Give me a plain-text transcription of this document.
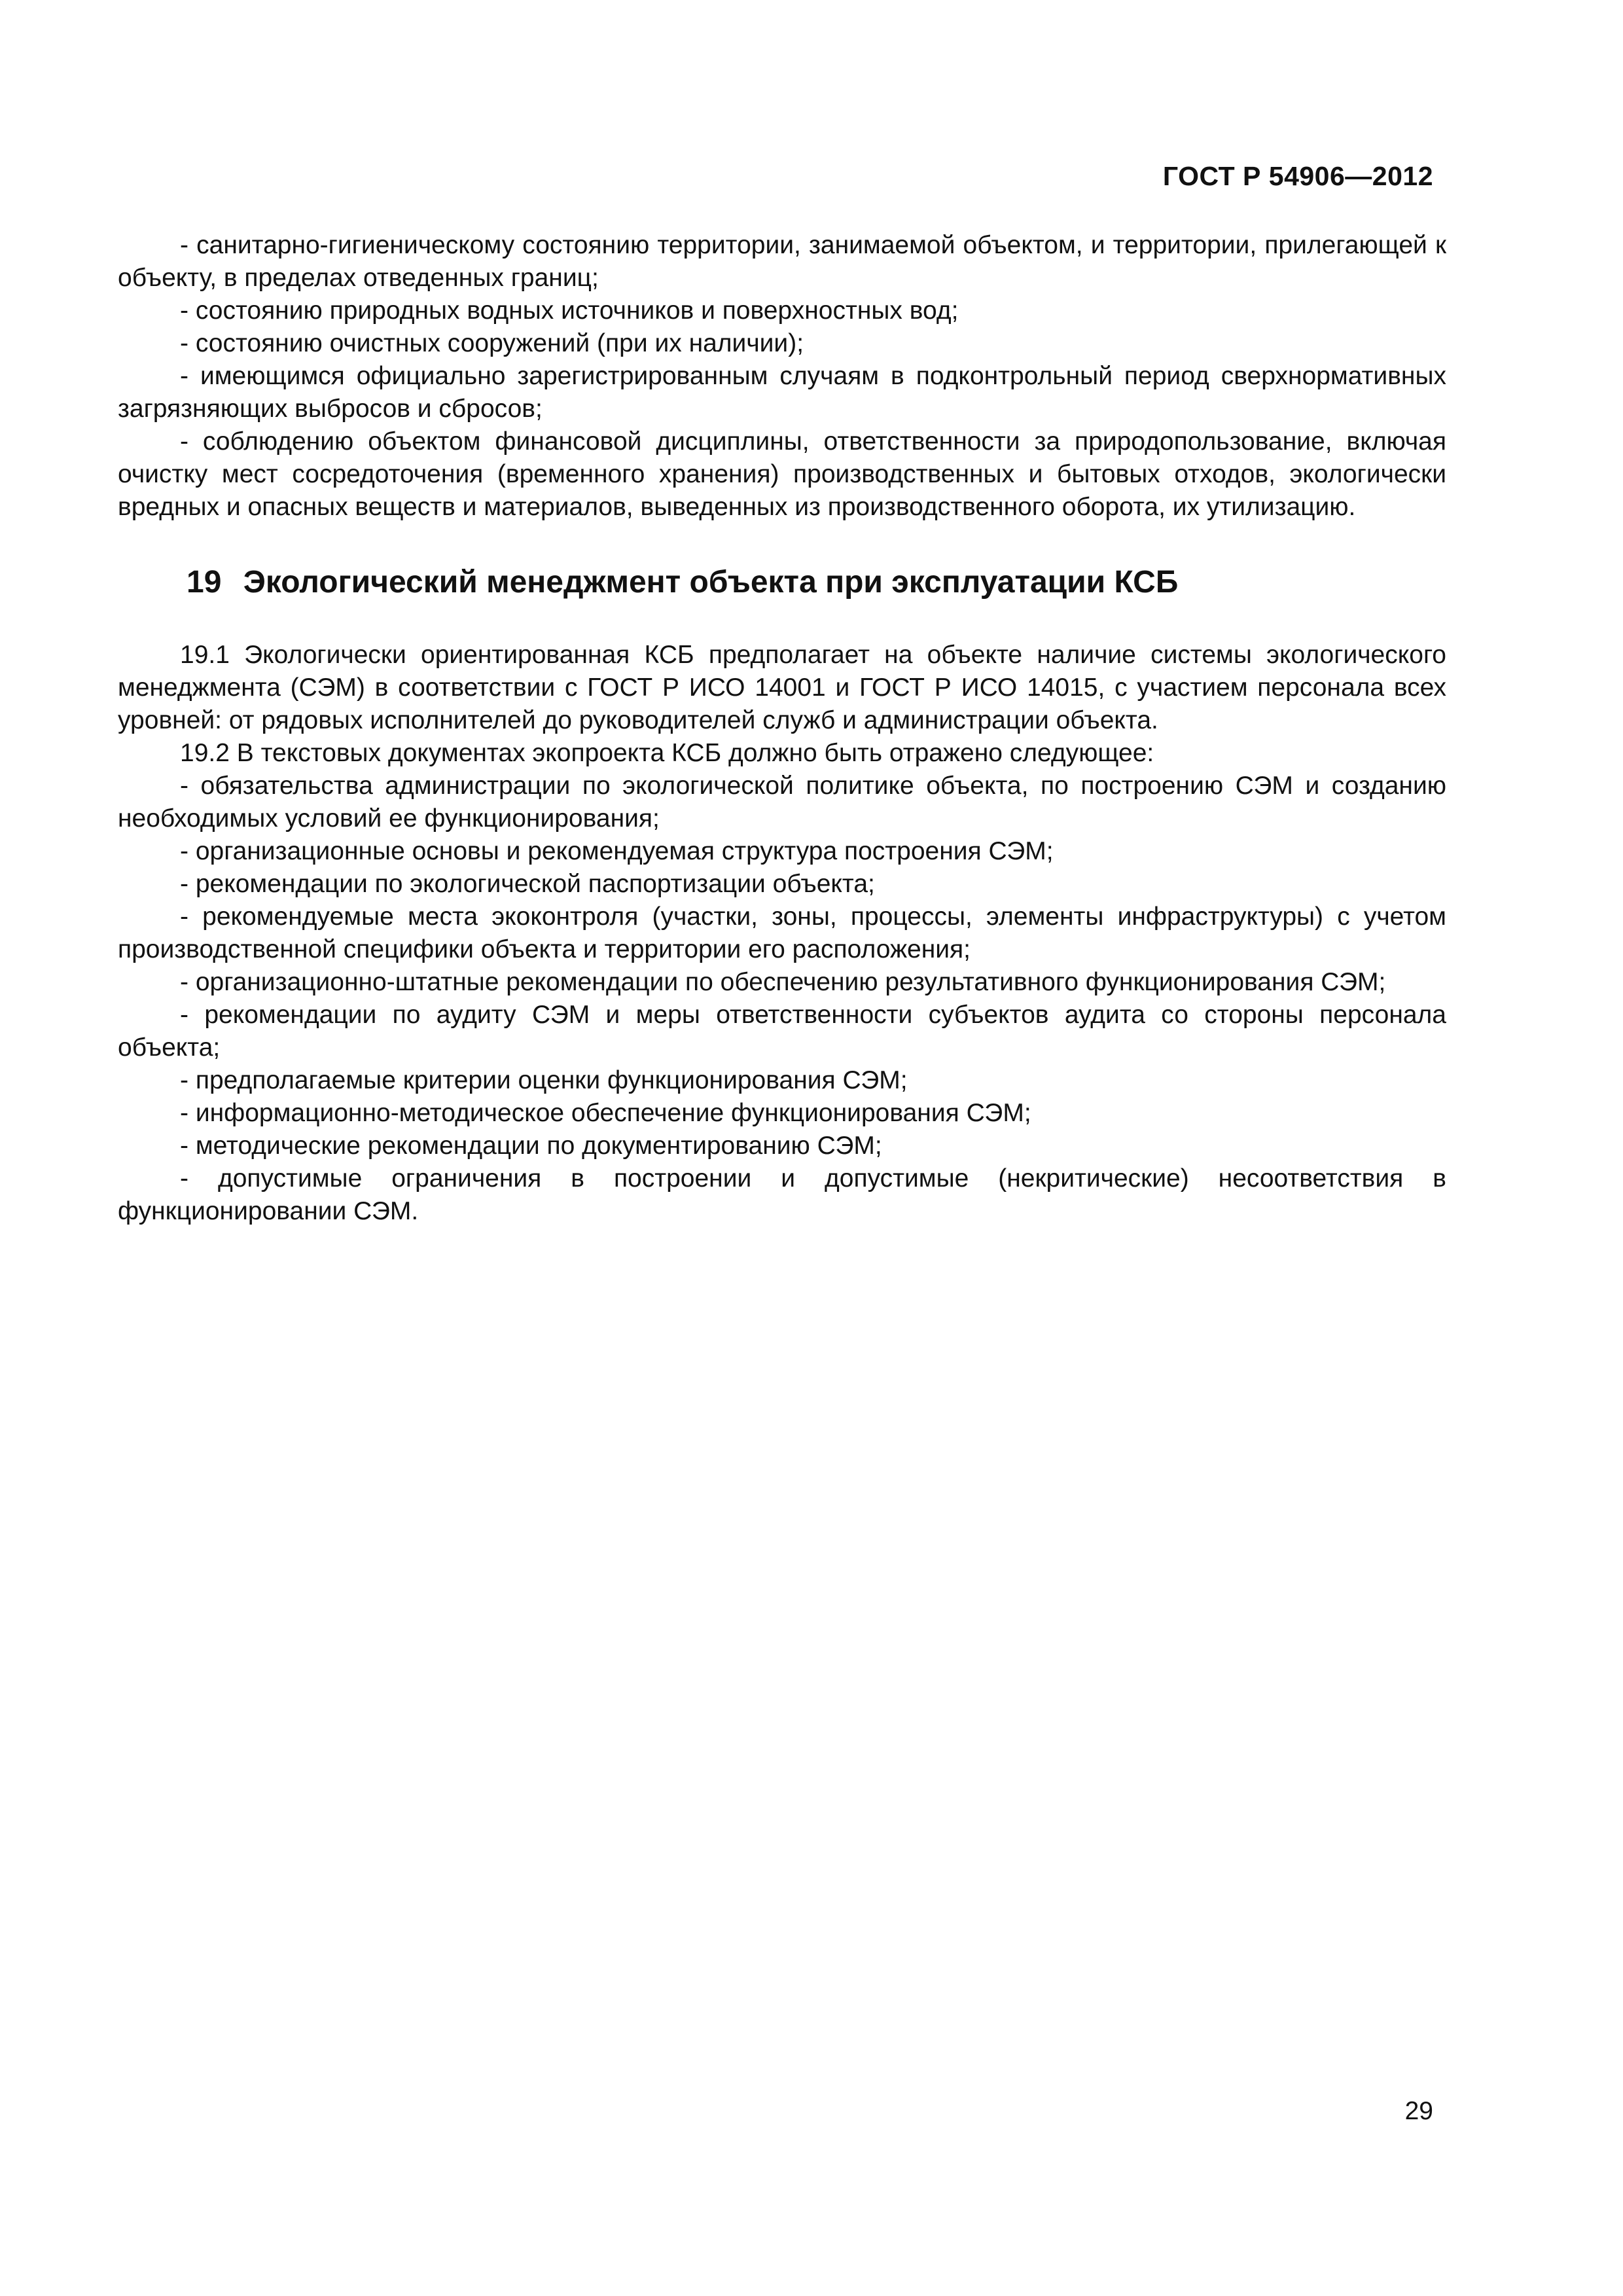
ГОСТ Р 54906—2012

- санитарно-гигиеническому состоянию территории, занимаемой объектом, и территории, прилегающей к объекту, в пределах отведенных границ;

- состоянию природных водных источников и поверхностных вод;

- состоянию очистных сооружений (при их наличии);

- имеющимся официально зарегистрированным случаям в подконтрольный период сверхнормативных загрязняющих выбросов и сбросов;

- соблюдению объектом финансовой дисциплины, ответственности за природопользование, включая очистку мест сосредоточения (временного хранения) производственных и бытовых отходов, экологически вредных и опасных веществ и материалов, выведенных из производственного оборота, их утилизацию.

19 Экологический менеджмент объекта при эксплуатации КСБ

19.1 Экологически ориентированная КСБ предполагает на объекте наличие системы экологического менеджмента (СЭМ) в соответствии с ГОСТ Р ИСО 14001 и ГОСТ Р ИСО 14015, с участием персонала всех уровней: от рядовых исполнителей до руководителей служб и администрации объекта.

19.2 В текстовых документах экопроекта КСБ должно быть отражено следующее:

- обязательства администрации по экологической политике объекта, по построению СЭМ и созданию необходимых условий ее функционирования;

- организационные основы и рекомендуемая структура построения СЭМ;

- рекомендации по экологической паспортизации объекта;

- рекомендуемые места экоконтроля (участки, зоны, процессы, элементы инфраструктуры) с учетом производственной специфики объекта и территории его расположения;

- организационно-штатные рекомендации по обеспечению результативного функционирования СЭМ;

- рекомендации по аудиту СЭМ и меры ответственности субъектов аудита со стороны персонала объекта;

- предполагаемые критерии оценки функционирования СЭМ;

- информационно-методическое обеспечение функционирования СЭМ;

- методические рекомендации по документированию СЭМ;

- допустимые ограничения в построении и допустимые (некритические) несоответствия в функционировании СЭМ.

29
